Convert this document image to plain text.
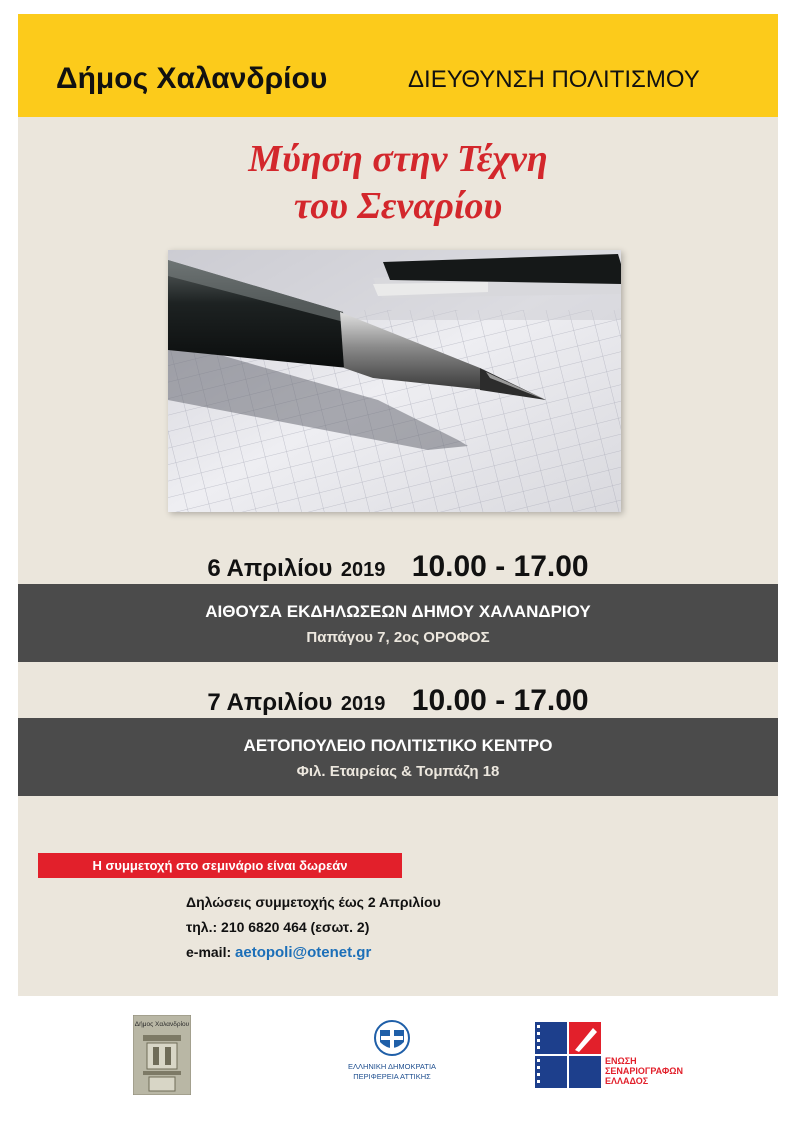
Δήμος Χαλανδρίου	ΔΙΕΥΘΥΝΣΗ ΠΟΛΙΤΙΣΜΟΥ
Μύηση στην Τέχνη
του Σεναρίου
6 Απριλίου 2019 10.00 - 17.00
ΑΙΘΟΥΣΑ ΕΚΔΗΛΩΣΕΩΝ ΔΗΜΟΥ ΧΑΛΑΝΔΡΙΟΥ
Παπάγου 7, 2ος ΟΡΟΦΟΣ
7 Απριλίου 2019 10.00 - 17.00
ΑΕΤΟΠΟΥΛΕΙΟ ΠΟΛΙΤΙΣΤΙΚΟ ΚΕΝΤΡΟ
Φιλ. Εταιρείας & Τομπάζη 18
Η συμμετοχή στο σεμινάριο είναι δωρεάν
Δηλώσεις συμμετοχής έως 2 Απριλίου
τηλ.: 210 6820 464 (εσωτ. 2)
e-mail: aetopoli@otenet.gr
Δήμος Χαλανδρίου
ΕΛΛΗΝΙΚΗ ΔΗΜΟΚΡΑΤΙΑ
ΠΕΡΙΦΕΡΕΙΑ ΑΤΤΙΚΗΣ
ΕΝΩΣΗ
ΣΕΝΑΡΙΟΓΡΑΦΩΝ
ΕΛΛΑΔΟΣ
